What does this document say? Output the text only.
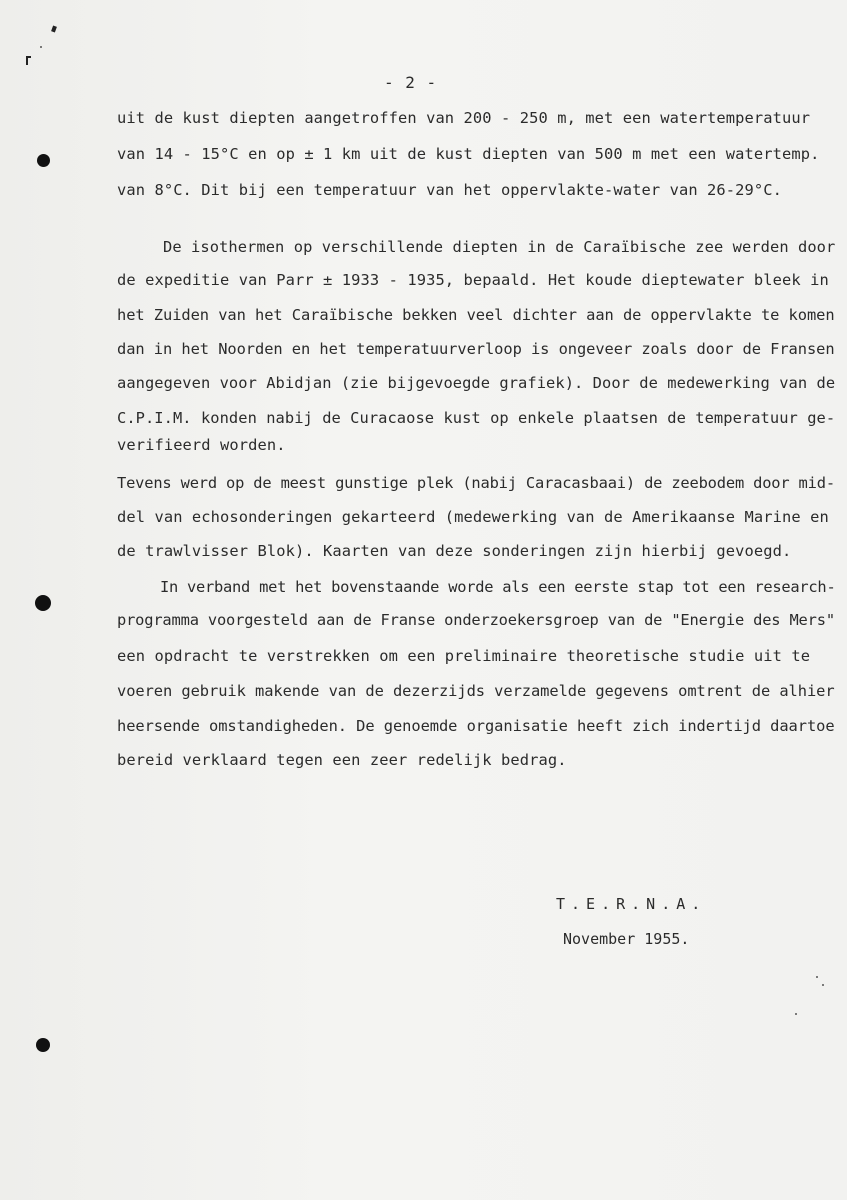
- 2 -
uit de kust diepten aangetroffen van 200 - 250 m, met een watertemperatuur
van 14 - 15°C en op ± 1 km uit de kust diepten van 500 m met een watertemp.
van 8°C. Dit bij een temperatuur van het oppervlakte-water van 26-29°C.
De isothermen op verschillende diepten in de Caraïbische zee werden door
de expeditie van Parr ± 1933 - 1935, bepaald. Het koude dieptewater bleek in
het Zuiden van het Caraïbische bekken veel dichter aan de oppervlakte te komen
dan in het Noorden en het temperatuurverloop is ongeveer zoals door de Fransen
aangegeven voor Abidjan (zie bijgevoegde grafiek). Door de medewerking van de
C.P.I.M. konden nabij de Curacaose kust op enkele plaatsen de temperatuur ge-
verifieerd worden.
Tevens werd op de meest gunstige plek (nabij Caracasbaai) de zeebodem door mid-
del van echosonderingen gekarteerd (medewerking van de Amerikaanse Marine en
de trawlvisser Blok). Kaarten van deze sonderingen zijn hierbij gevoegd.
In verband met het bovenstaande worde als een eerste stap tot een research-
programma voorgesteld aan de Franse onderzoekersgroep van de "Energie des Mers"
een opdracht te verstrekken om een preliminaire theoretische studie uit te
voeren gebruik makende van de dezerzijds verzamelde gegevens omtrent de alhier
heersende omstandigheden. De genoemde organisatie heeft zich indertijd daartoe
bereid verklaard tegen een zeer redelijk bedrag.
T.E.R.N.A.
November 1955.
